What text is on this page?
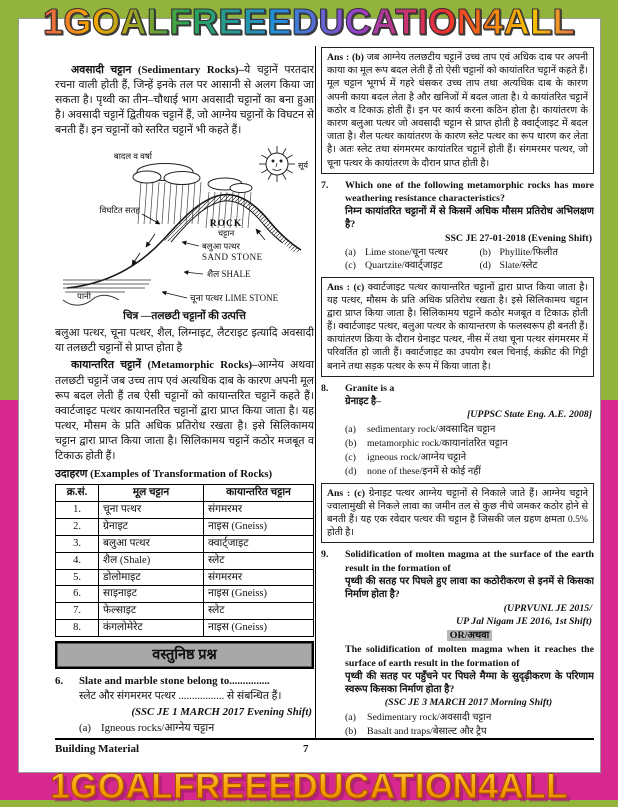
1GOALFREEEDUCATION4ALL

अवसादी चट्टान (Sedimentary Rocks)–ये चट्टानें परतदार रचना वाली होती हैं, जिन्हें इनके तल पर आसानी से अलग किया जा सकता है। पृथ्वी का तीन–चौथाई भाग अवसादी चट्टानों का बना हुआ है। अवसादी चट्टानें द्वितीयक चट्टानें हैं, जो आग्नेय चट्टानों के विघटन से बनती हैं। इन चट्टानों को स्तरित चट्टानें भी कहते हैं।

बादल व वर्षा
सूर्य
पानी
विघटित सतह
ROCK
चट्टान
बलुआ पत्थर
SAND STONE
शैल SHALE
चूना पत्थर LIME STONE
चित्र —तलछटी चट्टानों की उत्पत्ति

बलुआ पत्थर, चूना पत्थर, शैल, लिग्नाइट, लैटराइट इत्यादि अवसादी या तलछटी चट्टानों से प्राप्त होता है

कायान्तरित चट्टानें (Metamorphic Rocks)–आग्नेय अथवा तलछटी चट्टानें जब उच्च ताप एवं अत्यधिक दाब के कारण अपनी मूल रूप बदल लेती हैं तब ऐसी चट्टानों को कायान्तरित चट्टानें कहते हैं। क्वार्टजाइट पत्थर कायानतरित चट्टानों द्वारा प्राप्त किया जाता है। यह पत्थर, मौसम के प्रति अधिक प्रतिरोध रखता है। इसे सिलिकामय चट्टान द्वारा प्राप्त किया जाता है। सिलिकामय चट्टानें कठोर मजबूत व टिकाऊ होती हैं।

उदाहरण (Examples of Transformation of Rocks)

क्र.सं.	मूल चट्टान	कायान्तरित चट्टान
1.	चूना पत्थर	संगमरमर
2.	ग्रेनाइट	नाइस (Gneiss)
3.	बलुआ पत्थर	क्वार्ट्जाइट
4.	शैल (Shale)	स्लेट
5.	डोलोमाइट	संगमरमर
6.	साइनाइट	नाइस (Gneiss)
7.	फेल्साइट	स्लेट
8.	कंगलोमेरेट	नाइस (Gneiss)
वस्तुनिष्ठ प्रश्न
6.	Slate and marble stone belong to...............
स्लेट और संगमरमर पत्थर ................. से संबन्धित हैं।
(SSC JE 1 MARCH 2017 Evening Shift)
(a) Igneous rocks/आग्नेय चट्टान
Ans : (b) जब आग्नेय तलछटीय चट्टानें उच्च ताप एवं अधिक दाब पर अपनी काया का मूल रूप बदल लेती हैं तो ऐसी चट्टानों को कायांतरित चट्टानें कहते हैं। मूल चट्टान भूगर्भ में गहरे धंसकर उच्च ताप तथा अत्यधिक दाब के कारण अपनी काया बदल लेता है और खनिजों में बदल जाता है। ये कायांतरित चट्टानें कठोर व टिकाऊ होती हैं। इन पर कार्य करना कठिन होता है। कायांतरण के कारण बलुआ पत्थर जो अवसादी चट्टान से प्राप्त होती है क्वार्ट्जाइट में बदल जाता है। शैल पत्थर कायांतरण के कारण स्लेट पत्थर का रूप धारण कर लेता है। अतः स्लेट तथा संगमरमर कायांतरित चट्टानें होती हैं। संगमरमर पत्थर, जो चूना पत्थर के कायांतरण के दौरान प्राप्त होती है।
7.	Which one of the following metamorphic rocks has more weathering resistance characteristics?
निम्न कायांतरित चट्टानों में से किसमें अधिक मौसम प्रतिरोध अभिलक्षण है?
SSC JE 27-01-2018 (Evening Shift)
(a) Lime stone/चूना पत्थर	(b) Phyllite/फिलीत
(c) Quartzite/क्वार्ट्जाइट	(d) Slate/स्लेट
Ans : (c) क्वार्टजाइट पत्थर कायान्तरित चट्टानों द्वारा प्राप्त किया जाता है। यह पत्थर, मौसम के प्रति अधिक प्रतिरोध रखता है। इसे सिलिकामय चट्टान द्वारा प्राप्त किया जाता है। सिलिकामय चट्टानें कठोर मजबूत व टिकाऊ होती हैं। क्वार्टजाइट पत्थर, बलुआ पत्थर के कायान्तरण के फलस्वरूप ही बनती हैं। कायांतरण क्रिया के दौरान ग्रेनाइट पत्थर, नीस में तथा चूना पत्थर संगमरमर में परिवर्तित हो जाती हैं। क्वार्टजाइट का उपयोग रबल चिनाई, कंक्रीट की गिट्टी बनाने तथा सड़क पत्थर के रूप में किया जाता है।
8.	Granite is a
ग्रेनाइट है–
[UPPSC State Eng. A.E. 2008]
(a)	sedimentary rock/अवसादित चट्टान
(b)	metamorphic rock/कायानांतरित चट्टान
(c)	igneous rock/आग्नेय चट्टाने
(d)	none of these/इनमें से कोई नहीं
Ans : (c) ग्रेनाइट पत्थर आग्नेय चट्टानों से निकाले जाते हैं। आग्नेय चट्टाने ज्वालामुखी से निकले लावा का जमीन तल से कुछ नीचे जमकर कठोर होने से बनती हैं। यह एक रवेदार पत्थर की चट्टान है जिसकी जल ग्रहण क्षमता 0.5% होती है।
9.	Solidification of molten magma at the surface of the earth result in the formation of
पृथ्वी की सतह पर पिघले हुए लावा का कठोरीकरण से इनमें से किसका निर्माण होता है?
(UPRVUNL JE 2015/
UP Jal Nigam JE 2016, 1st Shift)
OR/अथवा
The solidification of molten magma when it reaches the surface of earth result in the formation of
पृथ्वी की सतह पर पहुँचने पर पिघले मैग्मा के सुदृढ़ीकरण के परिणाम स्वरूप किसका निर्माण होता है?
(SSC JE 3 MARCH 2017 Morning Shift)
(a)	Sedimentary rock/अवसादी चट्टान
(b)	Basalt and traps/बेसाल्ट और ट्रैप
Building Material	7
1GOALFREEEDUCATION4ALL
